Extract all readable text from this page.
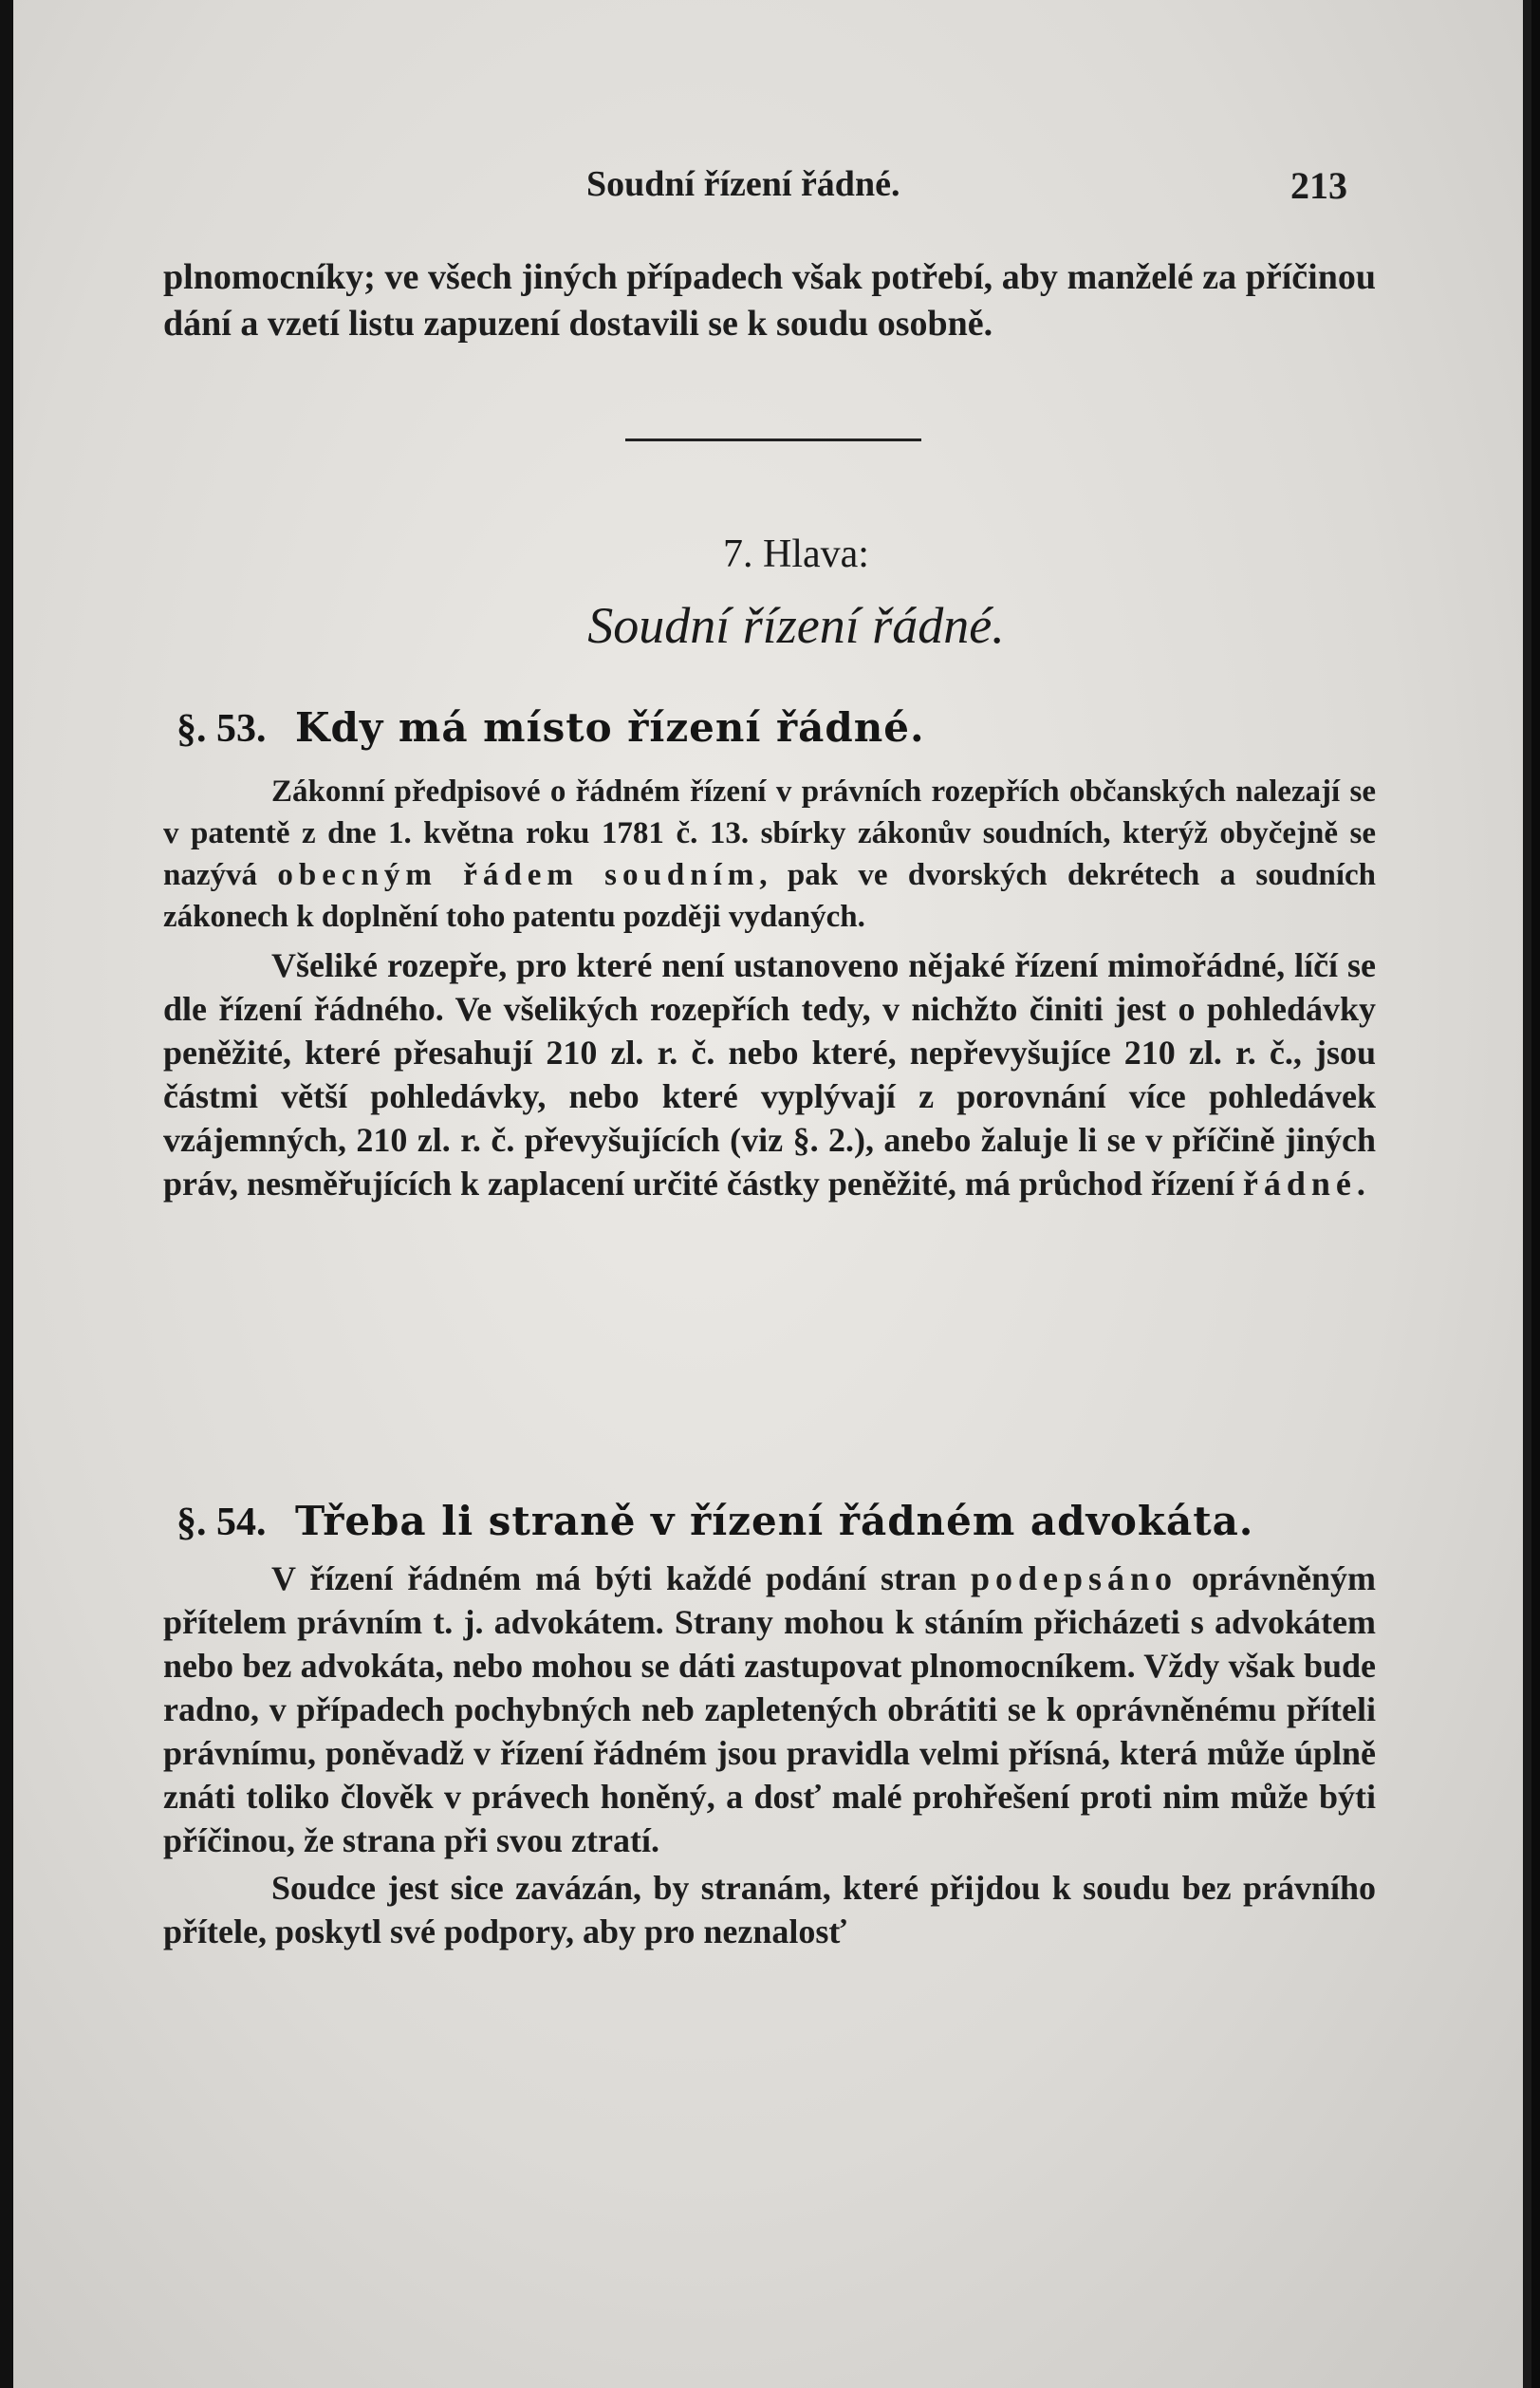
Soudní řízení řádné.	213

plnomocníky; ve všech jiných případech však potřebí, aby manželé za příčinou dání a vzetí listu zapuzení dostavili se k soudu osobně.

7. Hlava:
Soudní řízení řádné.
§. 53. Kdy má místo řízení řádné.

Zákonní předpisové o řádném řízení v právních rozepřích občanských nalezají se v patentě z dne 1. května roku 1781 č. 13. sbírky zákonův soudních, kterýž obyčejně se nazývá obecným řádem soudním, pak ve dvorských dekrétech a soudních zákonech k doplnění toho patentu později vydaných.

Všeliké rozepře, pro které není ustanoveno nějaké řízení mimořádné, líčí se dle řízení řádného. Ve všelikých rozepřích tedy, v nichžto činiti jest o pohledávky peněžité, které přesahují 210 zl. r. č. nebo které, nepřevyšujíce 210 zl. r. č., jsou částmi větší pohledávky, nebo které vyplývají z porovnání více pohledávek vzájemných, 210 zl. r. č. převyšujících (viz §. 2.), anebo žaluje li se v příčině jiných práv, nesměřujících k zaplacení určité částky peněžité, má průchod řízení řádné.

§. 54. Třeba li straně v řízení řádném advokáta.

V řízení řádném má býti každé podání stran podepsáno oprávněným přítelem právním t. j. advokátem. Strany mohou k stáním přicházeti s advokátem nebo bez advokáta, nebo mohou se dáti zastupovat plnomocníkem. Vždy však bude radno, v případech pochybných neb zapletených obrátiti se k oprávněnému příteli právnímu, poněvadž v řízení řádném jsou pravidla velmi přísná, která může úplně znáti toliko člověk v právech honěný, a dosť malé prohřešení proti nim může býti příčinou, že strana při svou ztratí.

Soudce jest sice zavázán, by stranám, které přijdou k soudu bez právního přítele, poskytl své podpory, aby pro neznalosť
